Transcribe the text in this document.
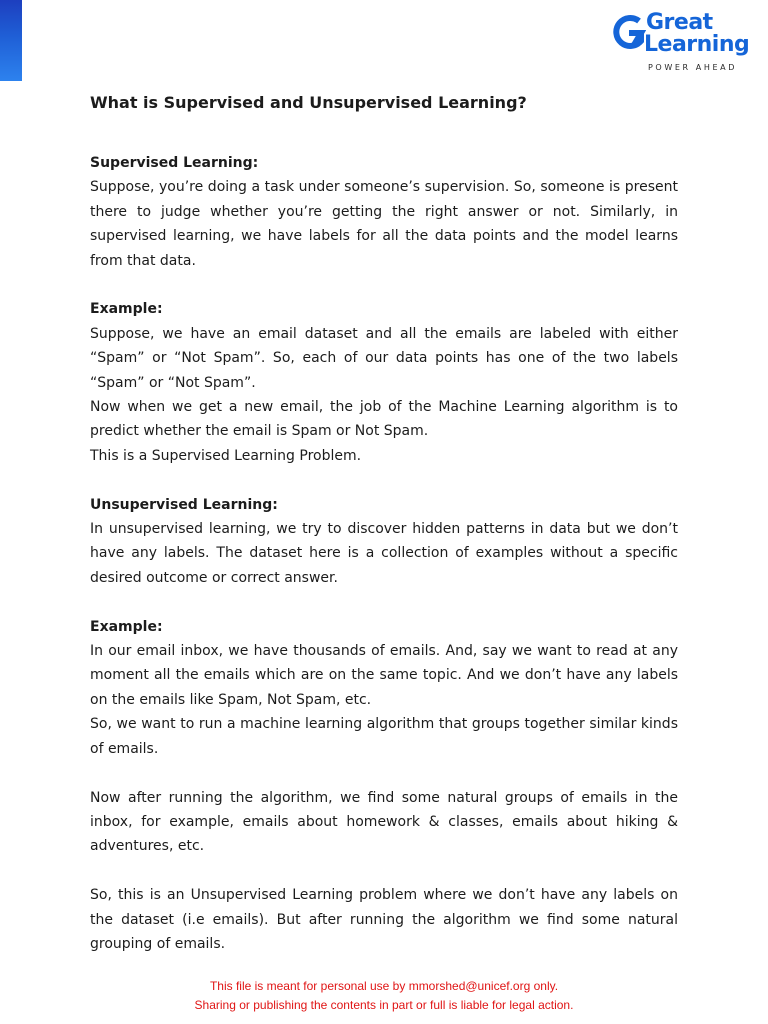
Great
Learning
POWER AHEAD
What is Supervised and Unsupervised Learning?

Supervised Learning:

Suppose, you’re doing a task under someone’s supervision. So, someone is present there to judge whether you’re getting the right answer or not. Similarly, in supervised learning, we have labels for all the data points and the model learns from that data.

Example:

Suppose, we have an email dataset and all the emails are labeled with either “Spam” or “Not Spam”. So, each of our data points has one of the two labels “Spam” or “Not Spam”.

Now when we get a new email, the job of the Machine Learning algorithm is to predict whether the email is Spam or Not Spam.

This is a Supervised Learning Problem.

Unsupervised Learning:

In unsupervised learning, we try to discover hidden patterns in data but we don’t have any labels. The dataset here is a collection of examples without a specific desired outcome or correct answer.

Example:

In our email inbox, we have thousands of emails. And, say we want to read at any moment all the emails which are on the same topic. And we don’t have any labels on the emails like Spam, Not Spam, etc.

So, we want to run a machine learning algorithm that groups together similar kinds of emails.

Now after running the algorithm, we find some natural groups of emails in the inbox, for example, emails about homework & classes, emails about hiking & adventures, etc.

So, this is an Unsupervised Learning problem where we don’t have any labels on the dataset (i.e emails). But after running the algorithm we find some natural grouping of emails.

This file is meant for personal use by mmorshed@unicef.org only.
Sharing or publishing the contents in part or full is liable for legal action.
